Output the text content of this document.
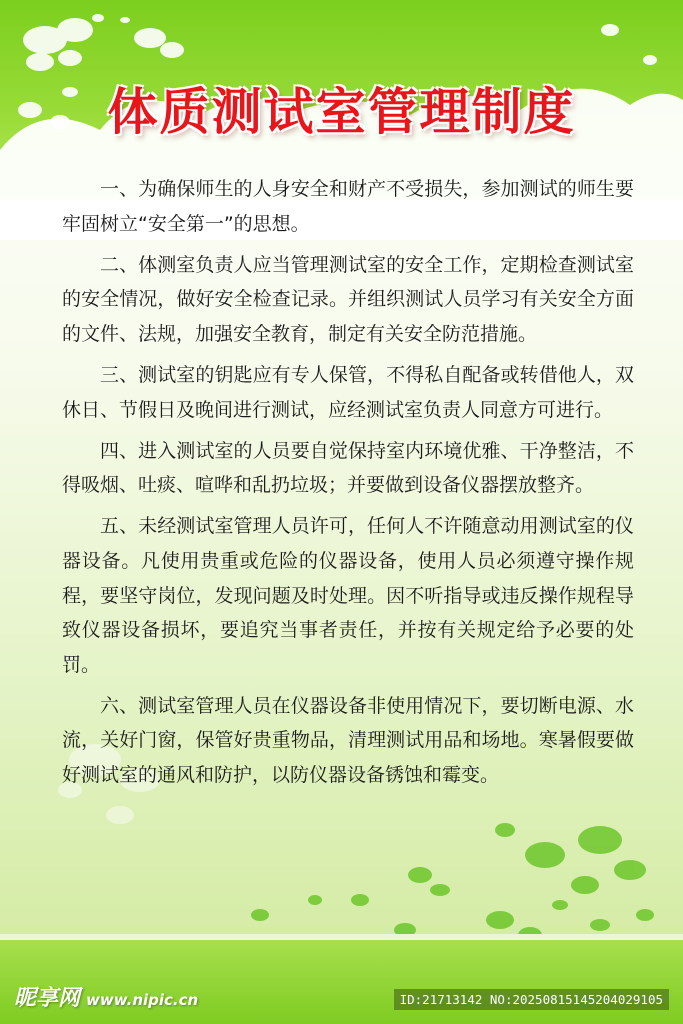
体质测试室管理制度

一、为确保师生的人身安全和财产不受损失，参加测试的师生要牢固树立“安全第一”的思想。

二、体测室负责人应当管理测试室的安全工作，定期检查测试室的安全情况，做好安全检查记录。并组织测试人员学习有关安全方面的文件、法规，加强安全教育，制定有关安全防范措施。

三、测试室的钥匙应有专人保管，不得私自配备或转借他人，双休日、节假日及晚间进行测试，应经测试室负责人同意方可进行。

四、进入测试室的人员要自觉保持室内环境优雅、干净整洁，不得吸烟、吐痰、喧哗和乱扔垃圾；并要做到设备仪器摆放整齐。

五、未经测试室管理人员许可，任何人不许随意动用测试室的仪器设备。凡使用贵重或危险的仪器设备，使用人员必须遵守操作规程，要坚守岗位，发现问题及时处理。因不听指导或违反操作规程导致仪器设备损坏，要追究当事者责任，并按有关规定给予必要的处罚。

六、测试室管理人员在仪器设备非使用情况下，要切断电源、水流，关好门窗，保管好贵重物品，清理测试用品和场地。寒暑假要做好测试室的通风和防护，以防仪器设备锈蚀和霉变。

昵享网 www.nipic.cn	ID:21713142 NO:20250815145204029105
